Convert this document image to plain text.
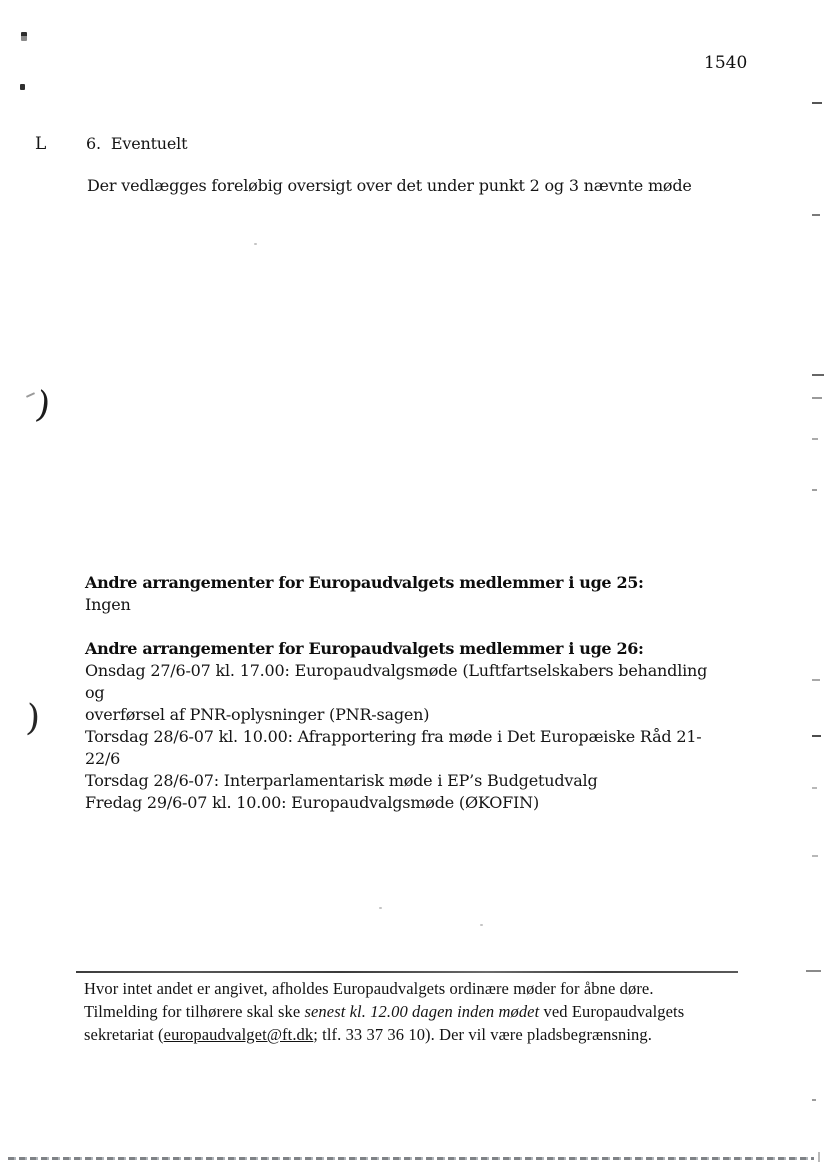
1540
L 6. Eventuelt
Der vedlægges foreløbig oversigt over det under punkt 2 og 3 nævnte møde
)
)
Andre arrangementer for Europaudvalgets medlemmer i uge 25:
Ingen
Andre arrangementer for Europaudvalgets medlemmer i uge 26:
Onsdag 27/6-07 kl. 17.00: Europaudvalgsmøde (Luftfartselskabers behandling og
overførsel af PNR-oplysninger (PNR-sagen)
Torsdag 28/6-07 kl. 10.00: Afrapportering fra møde i Det Europæiske Råd 21-22/6
Torsdag 28/6-07: Interparlamentarisk møde i EP’s Budgetudvalg
Fredag 29/6-07 kl. 10.00: Europaudvalgsmøde (ØKOFIN)
Hvor intet andet er angivet, afholdes Europaudvalgets ordinære møder for åbne døre.
Tilmelding for tilhørere skal ske senest kl. 12.00 dagen inden mødet ved Europaudvalgets
sekretariat (europaudvalget@ft.dk; tlf. 33 37 36 10). Der vil være pladsbegrænsning.
